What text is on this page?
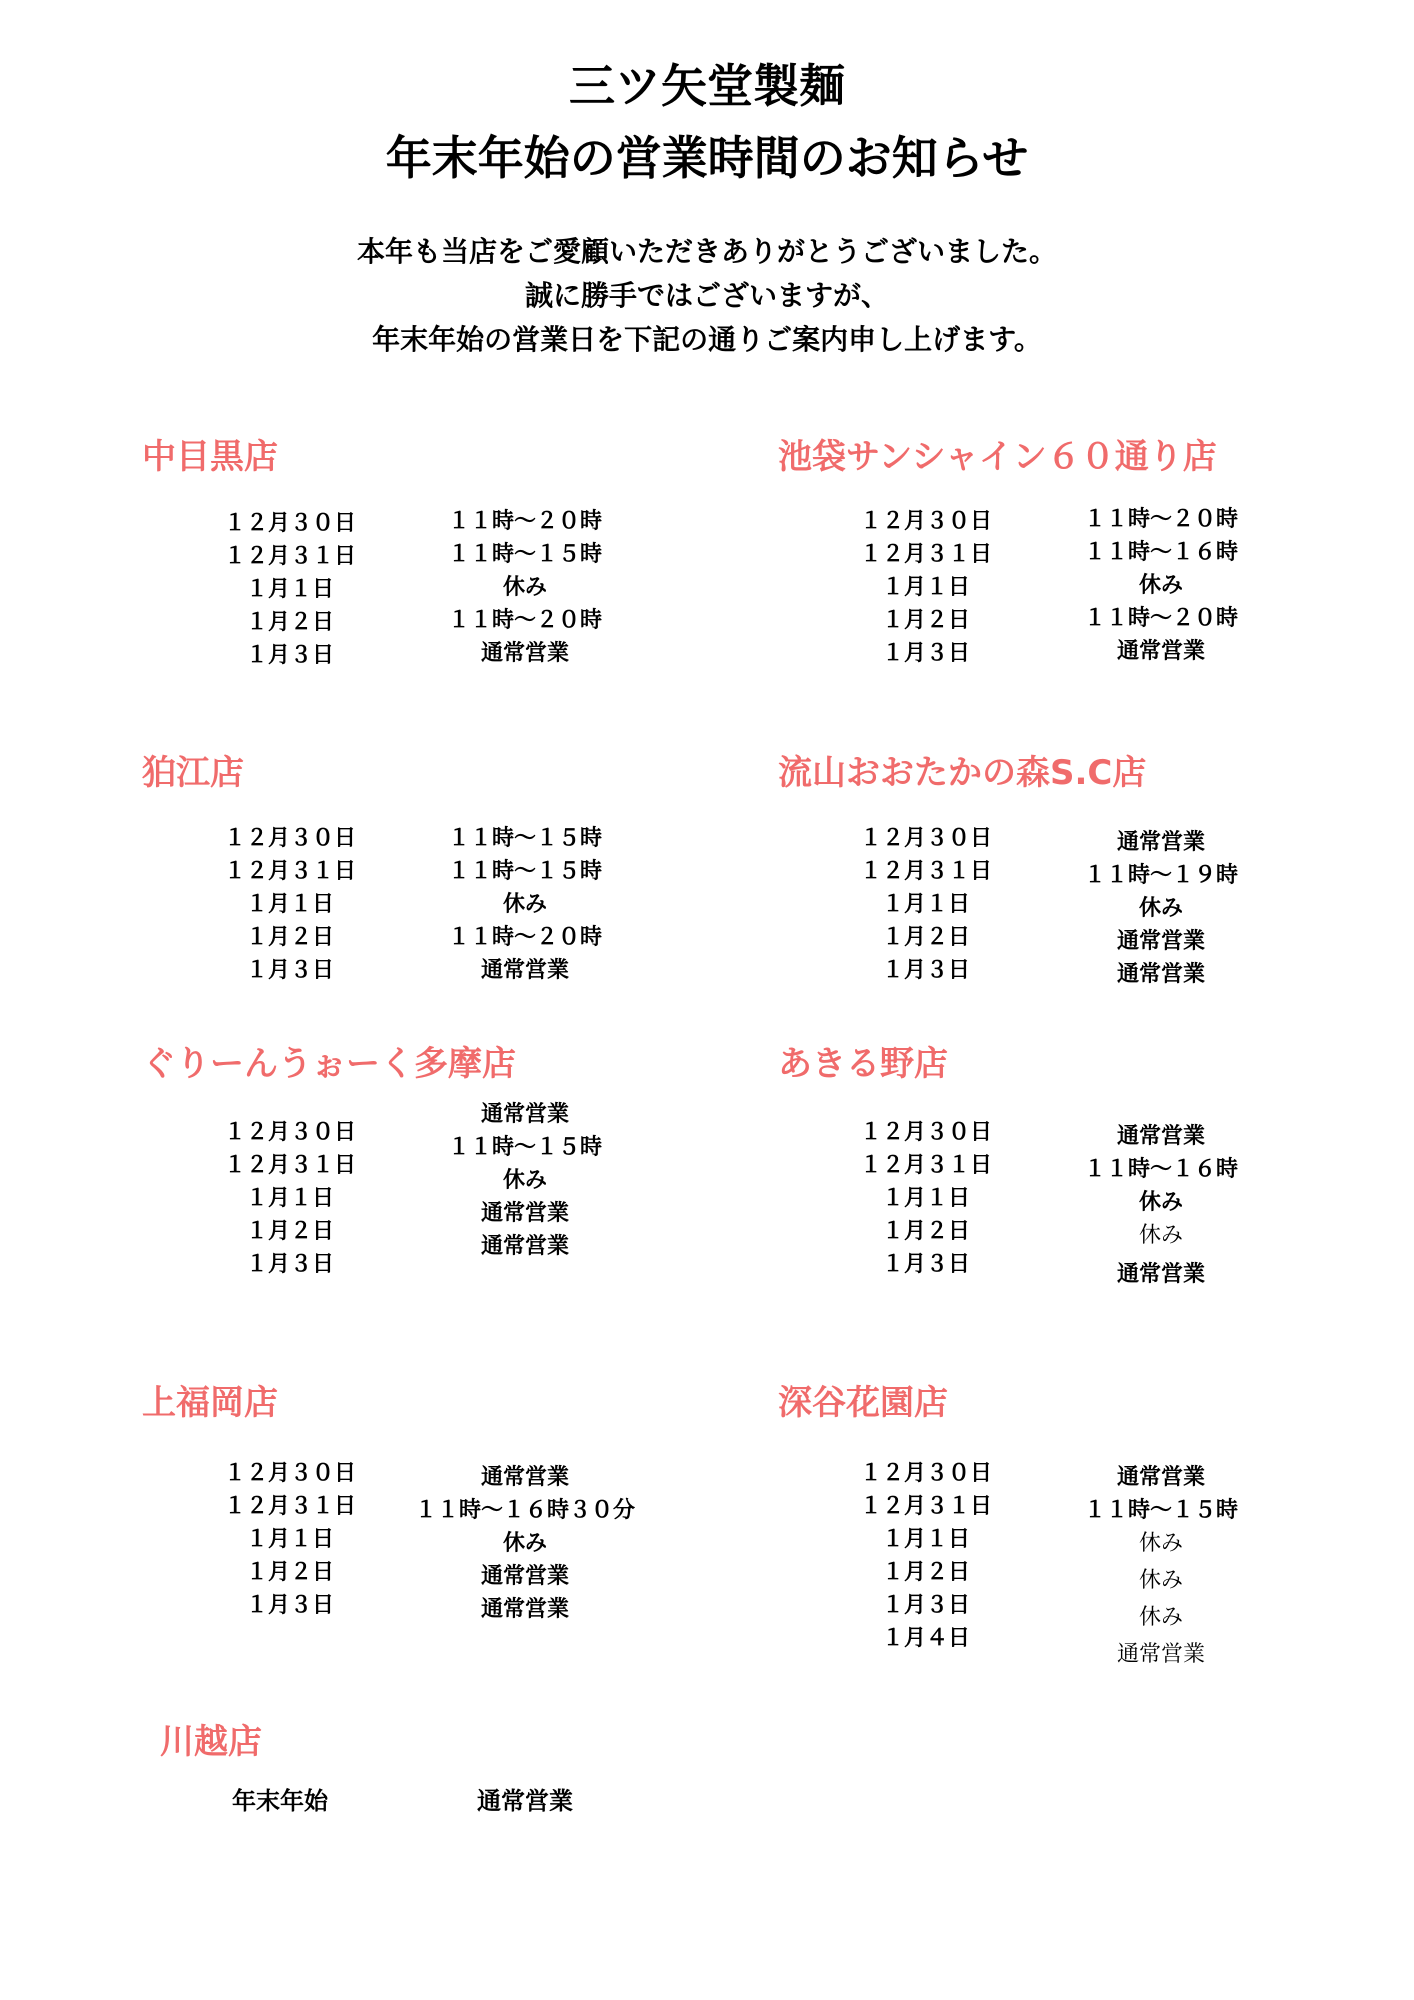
三ツ矢堂製麺
年末年始の営業時間のお知らせ
本年も当店をご愛顧いただきありがとうございました。
誠に勝手ではございますが、
年末年始の営業日を下記の通りご案内申し上げます。
中目黒店
１２月３０日
１２月３１日
１月１日
１月２日
１月３日
１１時〜２０時
１１時〜１５時
休み
１１時〜２０時
通常営業
池袋サンシャイン６０通り店
１２月３０日
１２月３１日
１月１日
１月２日
１月３日
１１時〜２０時
１１時〜１６時
休み
１１時〜２０時
通常営業
狛江店
１２月３０日
１２月３１日
１月１日
１月２日
１月３日
１１時〜１５時
１１時〜１５時
休み
１１時〜２０時
通常営業
流山おおたかの森S.C店
１２月３０日
１２月３１日
１月１日
１月２日
１月３日
通常営業
１１時〜１９時
休み
通常営業
通常営業
ぐりーんうぉーく多摩店
１２月３０日
１２月３１日
１月１日
１月２日
１月３日
通常営業
１１時〜１５時
休み
通常営業
通常営業
あきる野店
１２月３０日
１２月３１日
１月１日
１月２日
１月３日
通常営業
１１時〜１６時
休み
休み
通常営業
上福岡店
１２月３０日
１２月３１日
１月１日
１月２日
１月３日
通常営業
１１時〜１６時３０分
休み
通常営業
通常営業
深谷花園店
１２月３０日
１２月３１日
１月１日
１月２日
１月３日
１月４日
通常営業
１１時〜１５時
休み
休み
休み
通常営業
川越店
年末年始	通常営業
